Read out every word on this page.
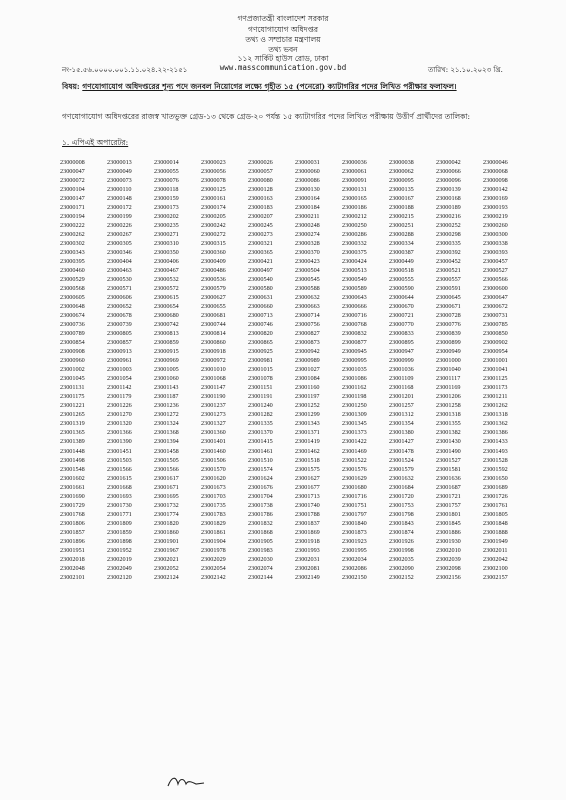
গণপ্রজাতন্ত্রী বাংলাদেশ সরকার
গণযোগাযোগ অধিদপ্তর
তথ্য ও সম্প্রচার মন্ত্রণালয়
তথ্য ভবন
১১২ সার্কিট হাউস রোড, ঢাকা
নং-১৫.৫৬.০০০০.০০১.১১.০২৪.২২-২১৫১	www.masscommunication.gov.bd	তারিখ: ২১.১০.২০২৩ খ্রি.
বিষয়: গণযোগাযোগ অধিদপ্তরের শূন্য পদে জনবল নিয়োগের লক্ষ্যে গৃহীত ১৫ (পনেরো) ক্যাটাগরির পদের লিখিত পরীক্ষার ফলাফল।
গণযোগাযোগ অধিদপ্তরের রাজস্ব খাতভুক্ত গ্রেড-১৩ থেকে গ্রেড-২০ পর্যন্ত ১৫ ক্যাটাগরির পদের লিখিত পরীক্ষায় উত্তীর্ণ প্রার্থীদের তালিকা:
১. এপিএই অপারেটর:
23000008	23000013	23000014	23000023	23000026	23000031	23000036	23000038	23000042	23000046
23000047	23000049	23000055	23000056	23000057	23000060	23000061	23000062	23000066	23000068
23000072	23000073	23000076	23000078	23000080	23000086	23000091	23000095	23000096	23000098
23000104	23000110	23000118	23000125	23000128	23000130	23000131	23000135	23000139	23000142
23000147	23000148	23000159	23000161	23000163	23000164	23000165	23000167	23000168	23000169
23000171	23000172	23000173	23000174	23000183	23000184	23000186	23000188	23000189	23000193
23000194	23000199	23000202	23000205	23000207	23000211	23000212	23000215	23000216	23000219
23000222	23000226	23000235	23000242	23000245	23000248	23000250	23000251	23000252	23000260
23000262	23000267	23000271	23000272	23000273	23000274	23000286	23000288	23000298	23000300
23000302	23000305	23000310	23000315	23000321	23000328	23000332	23000334	23000335	23000338
23000343	23000346	23000350	23000360	23000365	23000370	23000375	23000387	23000392	23000393
23000395	23000404	23000406	23000409	23000421	23000423	23000424	23000449	23000452	23000457
23000460	23000463	23000467	23000486	23000497	23000504	23000513	23000518	23000521	23000527
23000529	23000530	23000532	23000536	23000540	23000545	23000549	23000555	23000557	23000566
23000568	23000571	23000572	23000579	23000580	23000588	23000589	23000590	23000591	23000600
23000605	23000606	23000615	23000627	23000631	23000632	23000643	23000644	23000645	23000647
23000648	23000652	23000654	23000655	23000660	23000663	23000666	23000670	23000671	23000672
23000674	23000678	23000680	23000681	23000713	23000714	23000716	23000721	23000728	23000731
23000736	23000739	23000742	23000744	23000746	23000756	23000768	23000770	23000776	23000785
23000789	23000805	23000813	23000814	23000820	23000827	23000832	23000833	23000839	23000850
23000854	23000857	23000859	23000860	23000865	23000873	23000877	23000895	23000899	23000902
23000908	23000913	23000915	23000918	23000925	23000942	23000945	23000947	23000949	23000954
23000960	23000961	23000969	23000972	23000981	23000989	23000995	23000999	23001000	23001001
23001002	23001003	23001005	23001010	23001015	23001027	23001035	23001036	23001040	23001041
23001045	23001054	23001060	23001068	23001078	23001084	23001086	23001109	23001117	23001125
23001131	23001142	23001143	23001147	23001151	23001160	23001162	23001168	23001169	23001173
23001175	23001179	23001187	23001190	23001191	23001197	23001198	23001201	23001206	23001211
23001221	23001226	23001236	23001237	23001240	23001252	23001250	23001257	23001258	23001262
23001265	23001270	23001272	23001273	23001282	23001299	23001309	23001312	23001318	23001318
23001319	23001320	23001324	23001327	23001335	23001343	23001345	23001354	23001355	23001362
23001365	23001366	23001368	23001360	23001370	23001371	23001373	23001380	23001382	23001386
23001389	23001390	23001394	23001401	23001415	23001419	23001422	23001427	23001430	23001433
23001448	23001451	23001458	23001460	23001461	23001462	23001469	23001478	23001490	23001493
23001498	23001503	23001505	23001506	23001510	23001518	23001522	23001524	23001527	23001528
23001548	23001566	23001566	23001570	23001574	23001575	23001576	23001579	23001581	23001592
23001602	23001615	23001617	23001620	23001624	23001627	23001629	23001632	23001636	23001650
23001661	23001668	23001671	23001673	23001676	23001677	23001680	23001684	23001687	23001689
23001690	23001693	23001695	23001703	23001704	23001713	23001716	23001720	23001721	23001726
23001729	23001730	23001732	23001735	23001738	23001740	23001751	23001753	23001757	23001761
23001768	23001771	23001774	23001783	23001786	23001788	23001797	23001798	23001801	23001805
23001806	23001809	23001820	23001829	23001832	23001837	23001840	23001843	23001845	23001848
23001857	23001859	23001860	23001861	23001868	23001869	23001873	23001874	23001886	23001888
23001896	23001898	23001901	23001904	23001905	23001918	23001923	23001926	23001930	23001949
23001951	23001952	23001967	23001978	23001983	23001993	23001995	23001998	23002010	23002011
23002018	23002019	23002021	23002029	23002030	23002031	23002034	23002035	23002039	23002042
23002048	23002049	23002052	23002054	23002074	23002081	23002086	23002090	23002098	23002100
23002101	23002120	23002124	23002142	23002144	23002149	23002150	23002152	23002156	23002157
